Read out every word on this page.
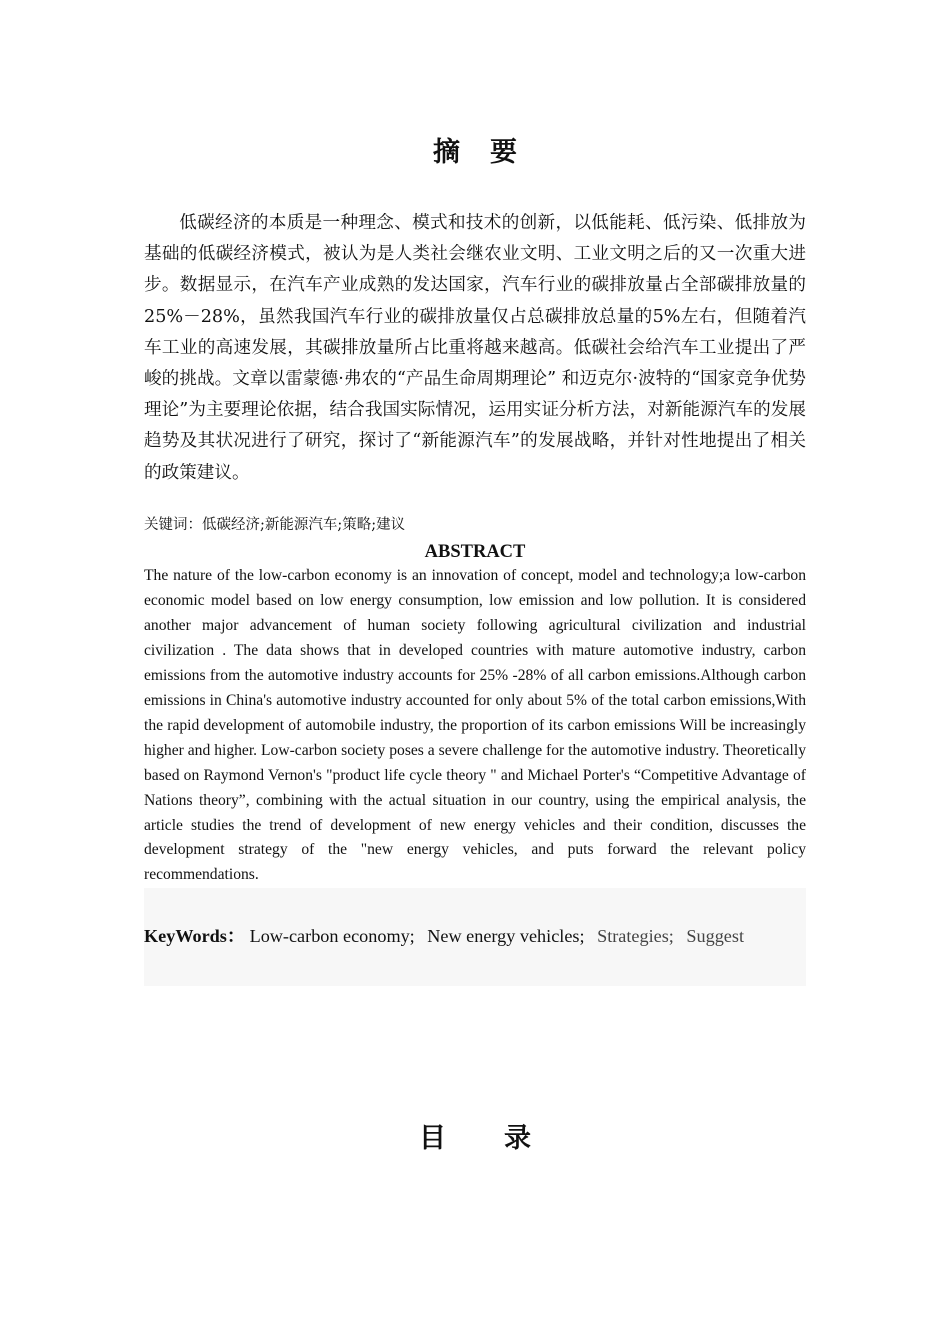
摘要

低碳经济的本质是一种理念、模式和技术的创新，以低能耗、低污染、低排放为基础的低碳经济模式，被认为是人类社会继农业文明、工业文明之后的又一次重大进步。数据显示，在汽车产业成熟的发达国家，汽车行业的碳排放量占全部碳排放量的25%－28%，虽然我国汽车行业的碳排放量仅占总碳排放总量的5%左右，但随着汽车工业的高速发展，其碳排放量所占比重将越来越高。低碳社会给汽车工业提出了严峻的挑战。文章以雷蒙德·弗农的“产品生命周期理论” 和迈克尔·波特的“国家竞争优势理论”为主要理论依据，结合我国实际情况，运用实证分析方法，对新能源汽车的发展趋势及其状况进行了研究，探讨了“新能源汽车”的发展战略，并针对性地提出了相关的政策建议。

关键词：低碳经济;新能源汽车;策略;建议

ABSTRACT

The nature of the low-carbon economy is an innovation of concept, model and technology;a low-carbon economic model based on low energy consumption, low emission and low pollution. It is considered another major advancement of human society following agricultural civilization and industrial civilization . The data shows that in developed countries with mature automotive industry, carbon emissions from the automotive industry accounts for 25% -28% of all carbon emissions.Although carbon emissions in China's automotive industry accounted for only about 5% of the total carbon emissions,With the rapid development of automobile industry, the proportion of its carbon emissions Will be increasingly higher and higher. Low-carbon society poses a severe challenge for the automotive industry. Theoretically based on Raymond Vernon's "product life cycle theory " and Michael Porter's “Competitive Advantage of Nations theory”, combining with the actual situation in our country, using the empirical analysis, the article studies the trend of development of new energy vehicles and their condition, discusses the development strategy of the "new energy vehicles, and puts forward the relevant policy recommendations.

KeyWords： Low-carbon economy; New energy vehicles; Strategies; Suggest

目录
